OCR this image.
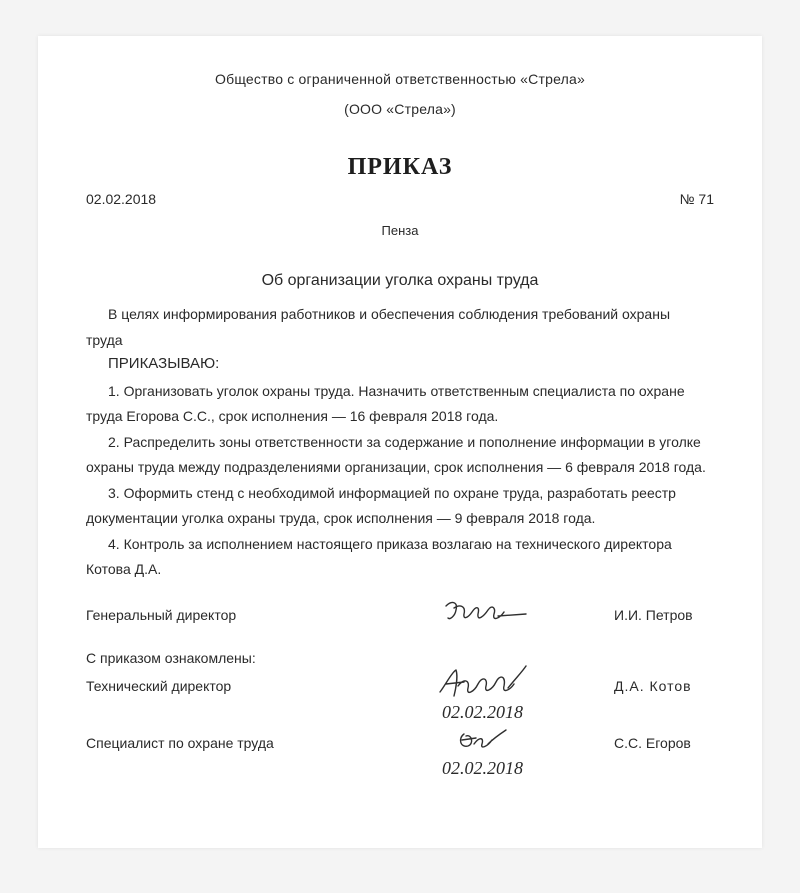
Общество с ограниченной ответственностью «Стрела»
(ООО «Стрела»)
ПРИКАЗ
02.02.2018	№ 71
Пенза
Об организации уголка охраны труда
В целях информирования работников и обеспечения соблюдения требований охраны
труда
ПРИКАЗЫВАЮ:
1. Организовать уголок охраны труда. Назначить ответственным специалиста по охране
труда Егорова С.С., срок исполнения — 16 февраля 2018 года.
2. Распределить зоны ответственности за содержание и пополнение информации в уголке
охраны труда между подразделениями организации, срок исполнения — 6 февраля 2018 года.
3. Оформить стенд с необходимой информацией по охране труда, разработать реестр
документации уголка охраны труда, срок исполнения — 9 февраля 2018 года.
4. Контроль за исполнением настоящего приказа возлагаю на технического директора
Котова Д.А.
Генеральный директор	И.И. Петров
С приказом ознакомлены:
Технический директор
02.02.2018
Д.А. Котов
Специалист по охране труда
02.02.2018
С.С. Егоров
